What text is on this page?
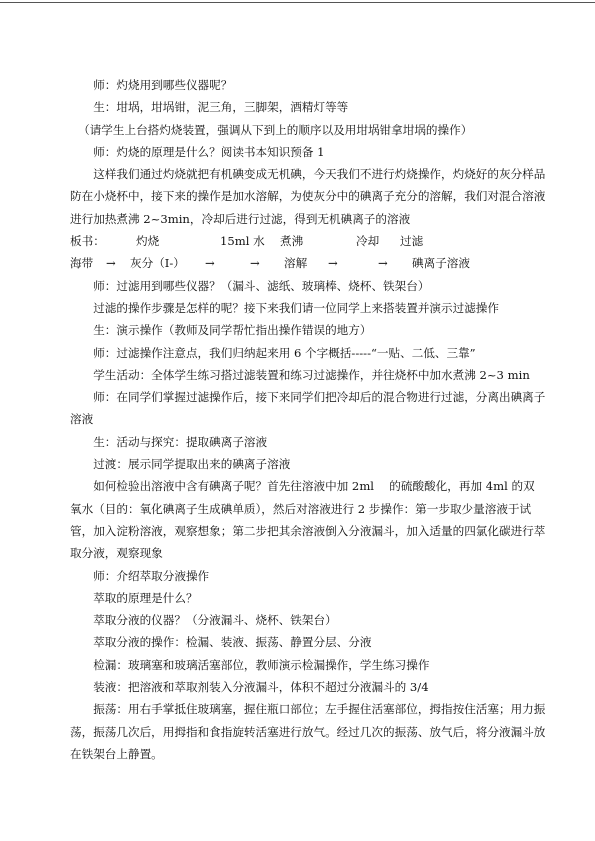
师：灼烧用到哪些仪器呢？

生：坩埚，坩埚钳，泥三角，三脚架，酒精灯等等

（请学生上台搭灼烧装置，强调从下到上的顺序以及用坩埚钳拿坩埚的操作）

师：灼烧的原理是什么？阅读书本知识预备 1

这样我们通过灼烧就把有机碘变成无机碘，今天我们不进行灼烧操作，灼烧好的灰分样品防在小烧杯中，接下来的操作是加水溶解，为使灰分中的碘离子充分的溶解，我们对混合溶液进行加热煮沸 2~3min，冷却后进行过滤，得到无机碘离子的溶液

板书：	灼烧	15ml 水 煮沸	冷却 过滤
海带 → 灰分（I-） →	→ 溶解 →	→ 碘离子溶液

师：过滤用到哪些仪器？（漏斗、滤纸、玻璃棒、烧杯、铁架台）

过滤的操作步骤是怎样的呢？接下来我们请一位同学上来搭装置并演示过滤操作

生：演示操作（教师及同学帮忙指出操作错误的地方）

师：过滤操作注意点，我们归纳起来用 6 个字概括-----“一贴、二低、三靠”

学生活动：全体学生练习搭过滤装置和练习过滤操作，并往烧杯中加水煮沸 2~3 min

师：在同学们掌握过滤操作后，接下来同学们把冷却后的混合物进行过滤，分离出碘离子溶液

生：活动与探究：提取碘离子溶液

过渡：展示同学提取出来的碘离子溶液

如何检验出溶液中含有碘离子呢？首先往溶液中加 2ml　 的硫酸酸化，再加 4ml 的双氧水（目的：氧化碘离子生成碘单质），然后对溶液进行 2 步操作：第一步取少量溶液于试管，加入淀粉溶液，观察想象；第二步把其余溶液倒入分液漏斗，加入适量的四氯化碳进行萃取分液，观察现象

师：介绍萃取分液操作

萃取的原理是什么？

萃取分液的仪器？（分液漏斗、烧杯、铁架台）

萃取分液的操作：检漏、装液、振荡、静置分层、分液

检漏：玻璃塞和玻璃活塞部位，教师演示检漏操作，学生练习操作

装液：把溶液和萃取剂装入分液漏斗，体积不超过分液漏斗的 3/4

振荡：用右手掌抵住玻璃塞，握住瓶口部位；左手握住活塞部位，拇指按住活塞；用力振荡，振荡几次后，用拇指和食指旋转活塞进行放气。经过几次的振荡、放气后，将分液漏斗放在铁架台上静置。
